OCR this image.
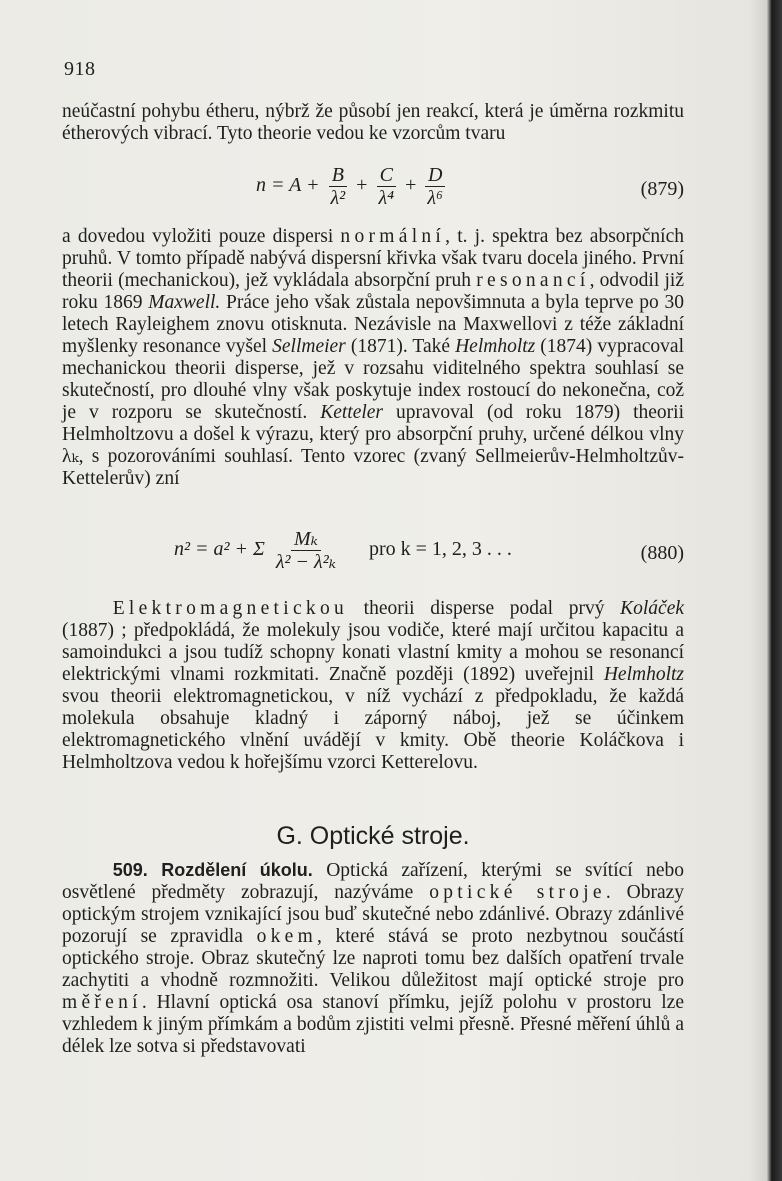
918

neúčastní pohybu étheru, nýbrž že působí jen reakcí, která je úměrna rozkmitu étherových vibrací. Tyto theorie vedou ke vzorcům tvaru

$n = A + \frac{B}{\text{λ²}} + \frac{C}{\text{λ⁴}} + \frac{D}{\text{λ⁶}}$	(879)

a dovedou vyložiti pouze dispersi normální, t. j. spektra bez absorpčních pruhů. V tomto případě nabývá dispersní křivka však tvaru docela jiného. První theorii (mechanickou), jež vykládala absorpční pruh resonancí, odvodil již roku 1869 Maxwell. Práce jeho však zůstala nepovšimnuta a byla teprve po 30 letech Rayleighem znovu otisknuta. Nezávisle na Maxwellovi z téže základní myšlenky resonance vyšel Sellmeier (1871). Také Helmholtz (1874) vypracoval mechanickou theorii disperse, jež v rozsahu viditelného spektra souhlasí se skutečností, pro dlouhé vlny však poskytuje index rostoucí do nekonečna, což je v rozporu se skutečností. Ketteler upravoval (od roku 1879) theorii Helmholtzovu a došel k výrazu, který pro absorpční pruhy, určené délkou vlny λₖ, s pozorováními souhlasí. Tento vzorec (zvaný Sellmeierův-Helmholtzův-Kettelerův) zní

n² = a² + Σ $\frac{\text{Mₖ}}{\text{λ² − λ²ₖ}}$ pro k = 1, 2, 3 . . .	(880)

Elektromagnetickou theorii disperse podal prvý Koláček (1887) ; předpokládá, že molekuly jsou vodiče, které mají určitou kapacitu a samoindukci a jsou tudíž schopny konati vlastní kmity a mohou se resonancí elektrickými vlnami rozkmitati. Značně později (1892) uveřejnil Helmholtz svou theorii elektromagnetickou, v níž vychází z předpokladu, že každá molekula obsahuje kladný i záporný náboj, jež se účinkem elektromagnetického vlnění uvádějí v kmity. Obě theorie Koláčkova i Helmholtzova vedou k hořejšímu vzorci Ketterelovu.

G. Optické stroje.

509. Rozdělení úkolu. Optická zařízení, kterými se svítící nebo osvětlené předměty zobrazují, nazýváme optické stroje. Obrazy optickým strojem vznikající jsou buď skutečné nebo zdánlivé. Obrazy zdánlivé pozorují se zpravidla okem, které stává se proto nezbytnou součástí optického stroje. Obraz skutečný lze naproti tomu bez dalších opatření trvale zachytiti a vhodně rozmnožiti. Velikou důležitost mají optické stroje pro měření. Hlavní optická osa stanoví přímku, jejíž polohu v prostoru lze vzhledem k jiným přímkám a bodům zjistiti velmi přesně. Přesné měření úhlů a délek lze sotva si představovati
